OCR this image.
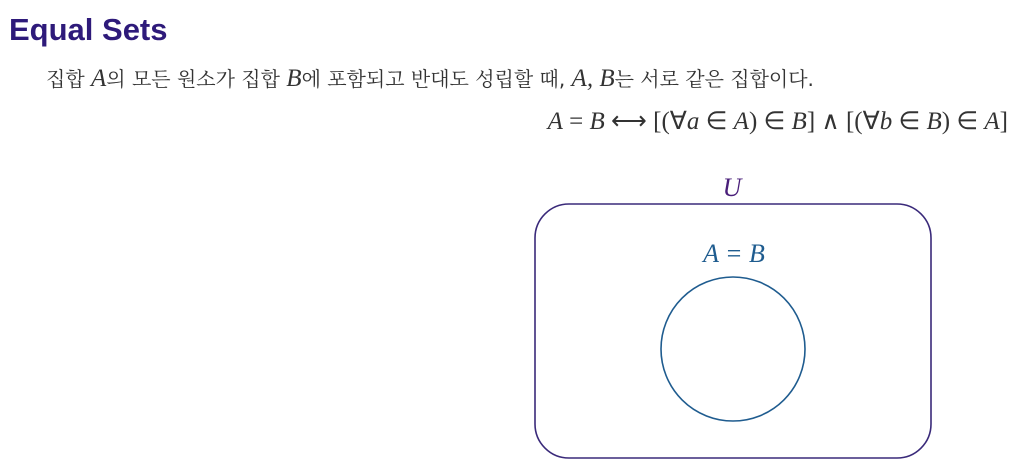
Equal Sets

집합 A의 모든 원소가 집합 B에 포함되고 반대도 성립할 때, A, B는 서로 같은 집합이다.

A = B ⟷ [(∀a ∈ A) ∈ B] ∧ [(∀b ∈ B) ∈ A]

U
A = B
